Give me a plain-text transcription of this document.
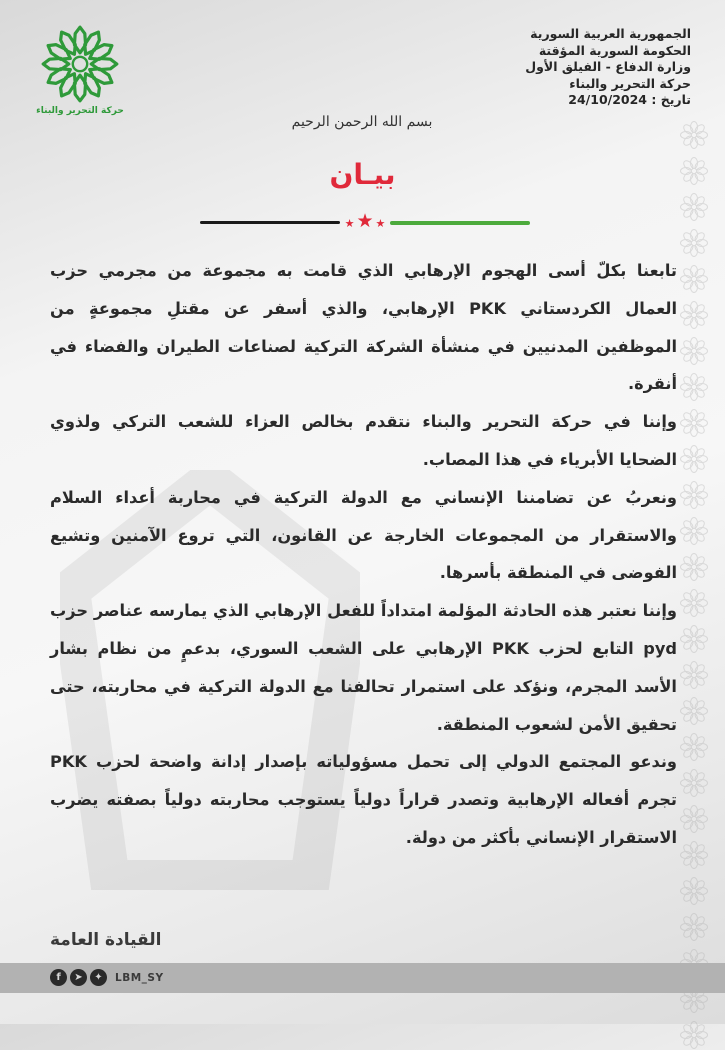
حركة التحرير والبناء
الجمهورية العربية السورية
الحكومة السورية المؤقتة
وزارة الدفاع - الفيلق الأول
حركة التحرير والبناء
تاريخ : 24/10/2024
بسم الله الرحمن الرحيم
بيـان
★ ★ ★

تابعنا بكلّ أسى الهجوم الإرهابي الذي قامت به مجموعة من مجرمي حزب العمال الكردستاني PKK الإرهابي، والذي أسفر عن مقتلِ مجموعةٍ من الموظفين المدنيين في منشأة الشركة التركية لصناعات الطيران والفضاء في أنقرة.

وإننا في حركة التحرير والبناء نتقدم بخالص العزاء للشعب التركي ولذوي الضحايا الأبرياء في هذا المصاب.

ونعربُ عن تضامننا الإنساني مع الدولة التركية في محاربة أعداء السلام والاستقرار من المجموعات الخارجة عن القانون، التي تروع الآمنين وتشيع الفوضى في المنطقة بأسرها.

وإننا نعتبر هذه الحادثة المؤلمة امتداداً للفعل الإرهابي الذي يمارسه عناصر حزب pyd التابع لحزب PKK الإرهابي على الشعب السوري، بدعمٍ من نظام بشار الأسد المجرم، ونؤكد على استمرار تحالفنا مع الدولة التركية في محاربته، حتى تحقيق الأمن لشعوب المنطقة.

وندعو المجتمع الدولي إلى تحمل مسؤولياته بإصدار إدانة واضحة لحزب PKK تجرم أفعاله الإرهابية وتصدر قراراً دولياً يستوجب محاربته دولياً بصفته يضرب الاستقرار الإنساني بأكثر من دولة.

القيادة العامة
f	➤	✦	LBM_SY
